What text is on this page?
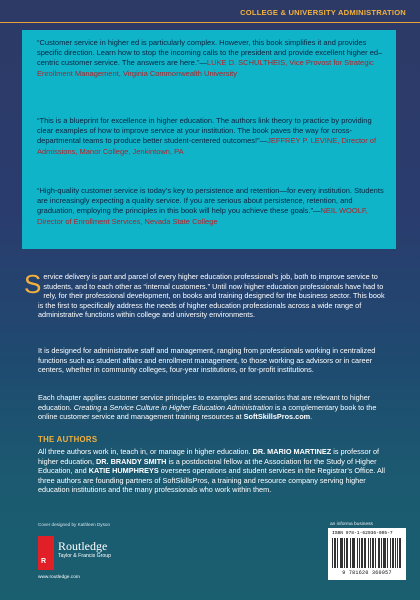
COLLEGE & UNIVERSITY ADMINISTRATION
“Customer service in higher ed is particularly complex. However, this book simplifies it and provides specific direction. Learn how to stop the incoming calls to the president and provide excellent higher ed–centric customer service. The answers are here.”—LUKE D. SCHULTHEIS, Vice Provost for Strategic Enrollment Management, Virginia Commonwealth University
“This is a blueprint for excellence in higher education. The authors link theory to practice by providing clear examples of how to improve service at your institution. The book paves the way for cross-departmental teams to produce better student-centered outcomes!”—JEFFREY P. LEVINE, Director of Admissions, Manor College, Jenkintown, PA
“High-quality customer service is today’s key to persistence and retention—for every institution. Students are increasingly expecting a quality service. If you are serious about persistence, retention, and graduation, employing the principles in this book will help you achieve these goals.”—NEIL WOOLF, Director of Enrollment Services, Nevada State College
Service delivery is part and parcel of every higher education professional’s job, both to improve service to students, and to each other as “internal customers.” Until now higher education professionals have had to rely, for their professional development, on books and training designed for the business sector. This book is the first to specifically address the needs of higher education professionals across a wide range of administrative functions within college and university environments.
It is designed for administrative staff and management, ranging from professionals working in centralized functions such as student affairs and enrollment management, to those working as advisors or in career centers, whether in community colleges, four-year institutions, or for-profit institutions.
Each chapter applies customer service principles to examples and scenarios that are relevant to higher education. Creating a Service Culture in Higher Education Administration is a complementary book to the online customer service and management training resources at SoftSkillsPros.com.
THE AUTHORS
All three authors work in, teach in, or manage in higher education. DR. MARIO MARTINEZ is professor of higher education, DR. BRANDY SMITH is a postdoctoral fellow at the Association for the Study of Higher Education, and KATIE HUMPHREYS oversees operations and student services in the Registrar’s Office. All three authors are founding partners of SoftSkillsPros, a training and resource company serving higher education institutions and the many professionals who work within them.
Cover designed by Kathleen Dyson	an informa business
R
Routledge
Taylor & Francis Group
www.routledge.com
ISBN 978-1-62036-005-7
9 781620 360057
